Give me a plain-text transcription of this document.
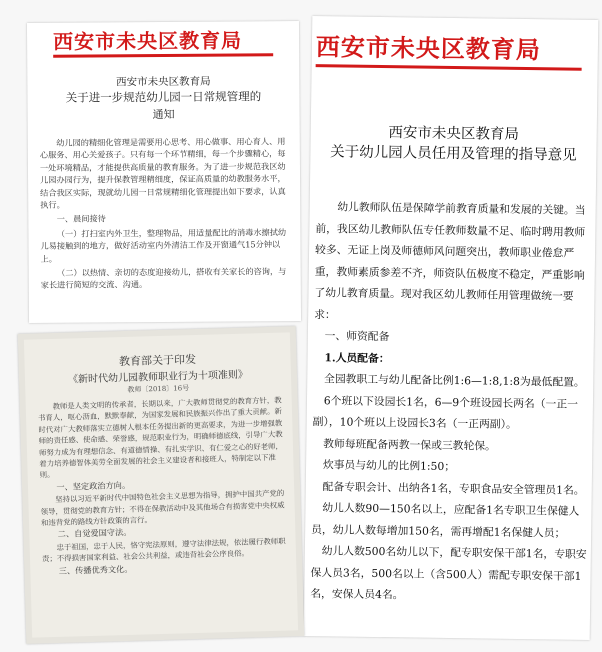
西安市未央区教育局
西安市未央区教育局
关于进一步规范幼儿园一日常规管理的
通知

幼儿园的精细化管理是需要用心思考、用心做事、用心育人、用心服务、用心关爱孩子。只有每一个环节精细，每一个步骤精心，每一处环境精品，才能提供高质量的教育服务。为了进一步规范我区幼儿园办园行为，提升保教管理精细度，保证高质量的幼教服务水平，结合我区实际，现就幼儿园一日常规精细化管理提出如下要求，认真执行。

一、晨间接待

（一）打扫室内外卫生，整理物品，用适量配比的消毒水擦拭幼儿易接触到的地方，做好活动室内外清洁工作及开窗通气15分钟以上。

（二）以热情、亲切的态度迎接幼儿，搭收有关家长的咨询，与家长进行简短的交流、沟通。

西安市未央区教育局
西安市未央区教育局
关于幼儿园人员任用及管理的指导意见

幼儿教师队伍是保障学前教育质量和发展的关键。当前，我区幼儿教师队伍专任教师数量不足、临时聘用教师较多、无证上岗及师德师风问题突出，教师职业倦怠严重，教师素质参差不齐，师资队伍极度不稳定，严重影响了幼儿教育质量。现对我区幼儿教师任用管理做统一要求：

一、师资配备

1.人员配备：

全园教职工与幼儿配备比例1:6—1:8,1:8为最低配置。

6个班以下设园长1名，6—9个班设园长两名（一正一副），10个班以上设园长3名（一正两副）。

教师每班配备两教一保或三教轮保。

炊事员与幼儿的比例1:50；

配备专职会计、出纳各1名，专职食品安全管理员1名。

幼儿人数90—150名以上，应配备1名专职卫生保健人员，幼儿人数每增加150名，需再增配1名保健人员；

幼儿人数500名幼儿以下，配专职安保干部1名，专职安保人员3名，500名以上（含500人）需配专职安保干部1名，安保人员4名。

教育部关于印发
《新时代幼儿园教师职业行为十项准则》
教师〔2018〕16号

教师是人类文明的传承者，长期以来，广大教师贯彻党的教育方针，教书育人，呕心沥血，默默奉献，为国家发展和民族振兴作出了重大贡献。新时代对广大教师落实立德树人根本任务提出新的更高要求，为进一步增强教师的责任感、使命感、荣誉感，规范职业行为，明确师德底线，引导广大教师努力成为有理想信念、有道德情操、有扎实学识、有仁爱之心的好老师，着力培养德智体美劳全面发展的社会主义建设者和接班人，特制定以下准则。

一、坚定政治方向。

坚持以习近平新时代中国特色社会主义思想为指导，拥护中国共产党的领导，贯彻党的教育方针；不得在保教活动中及其他场合有损害党中央权威和违背党的路线方针政策的言行。

二、自觉爱国守法。

忠于祖国，忠于人民，恪守宪法原则，遵守法律法规，依法履行教师职责；不得损害国家利益、社会公共利益，或违背社会公序良俗。

三、传播优秀文化。
